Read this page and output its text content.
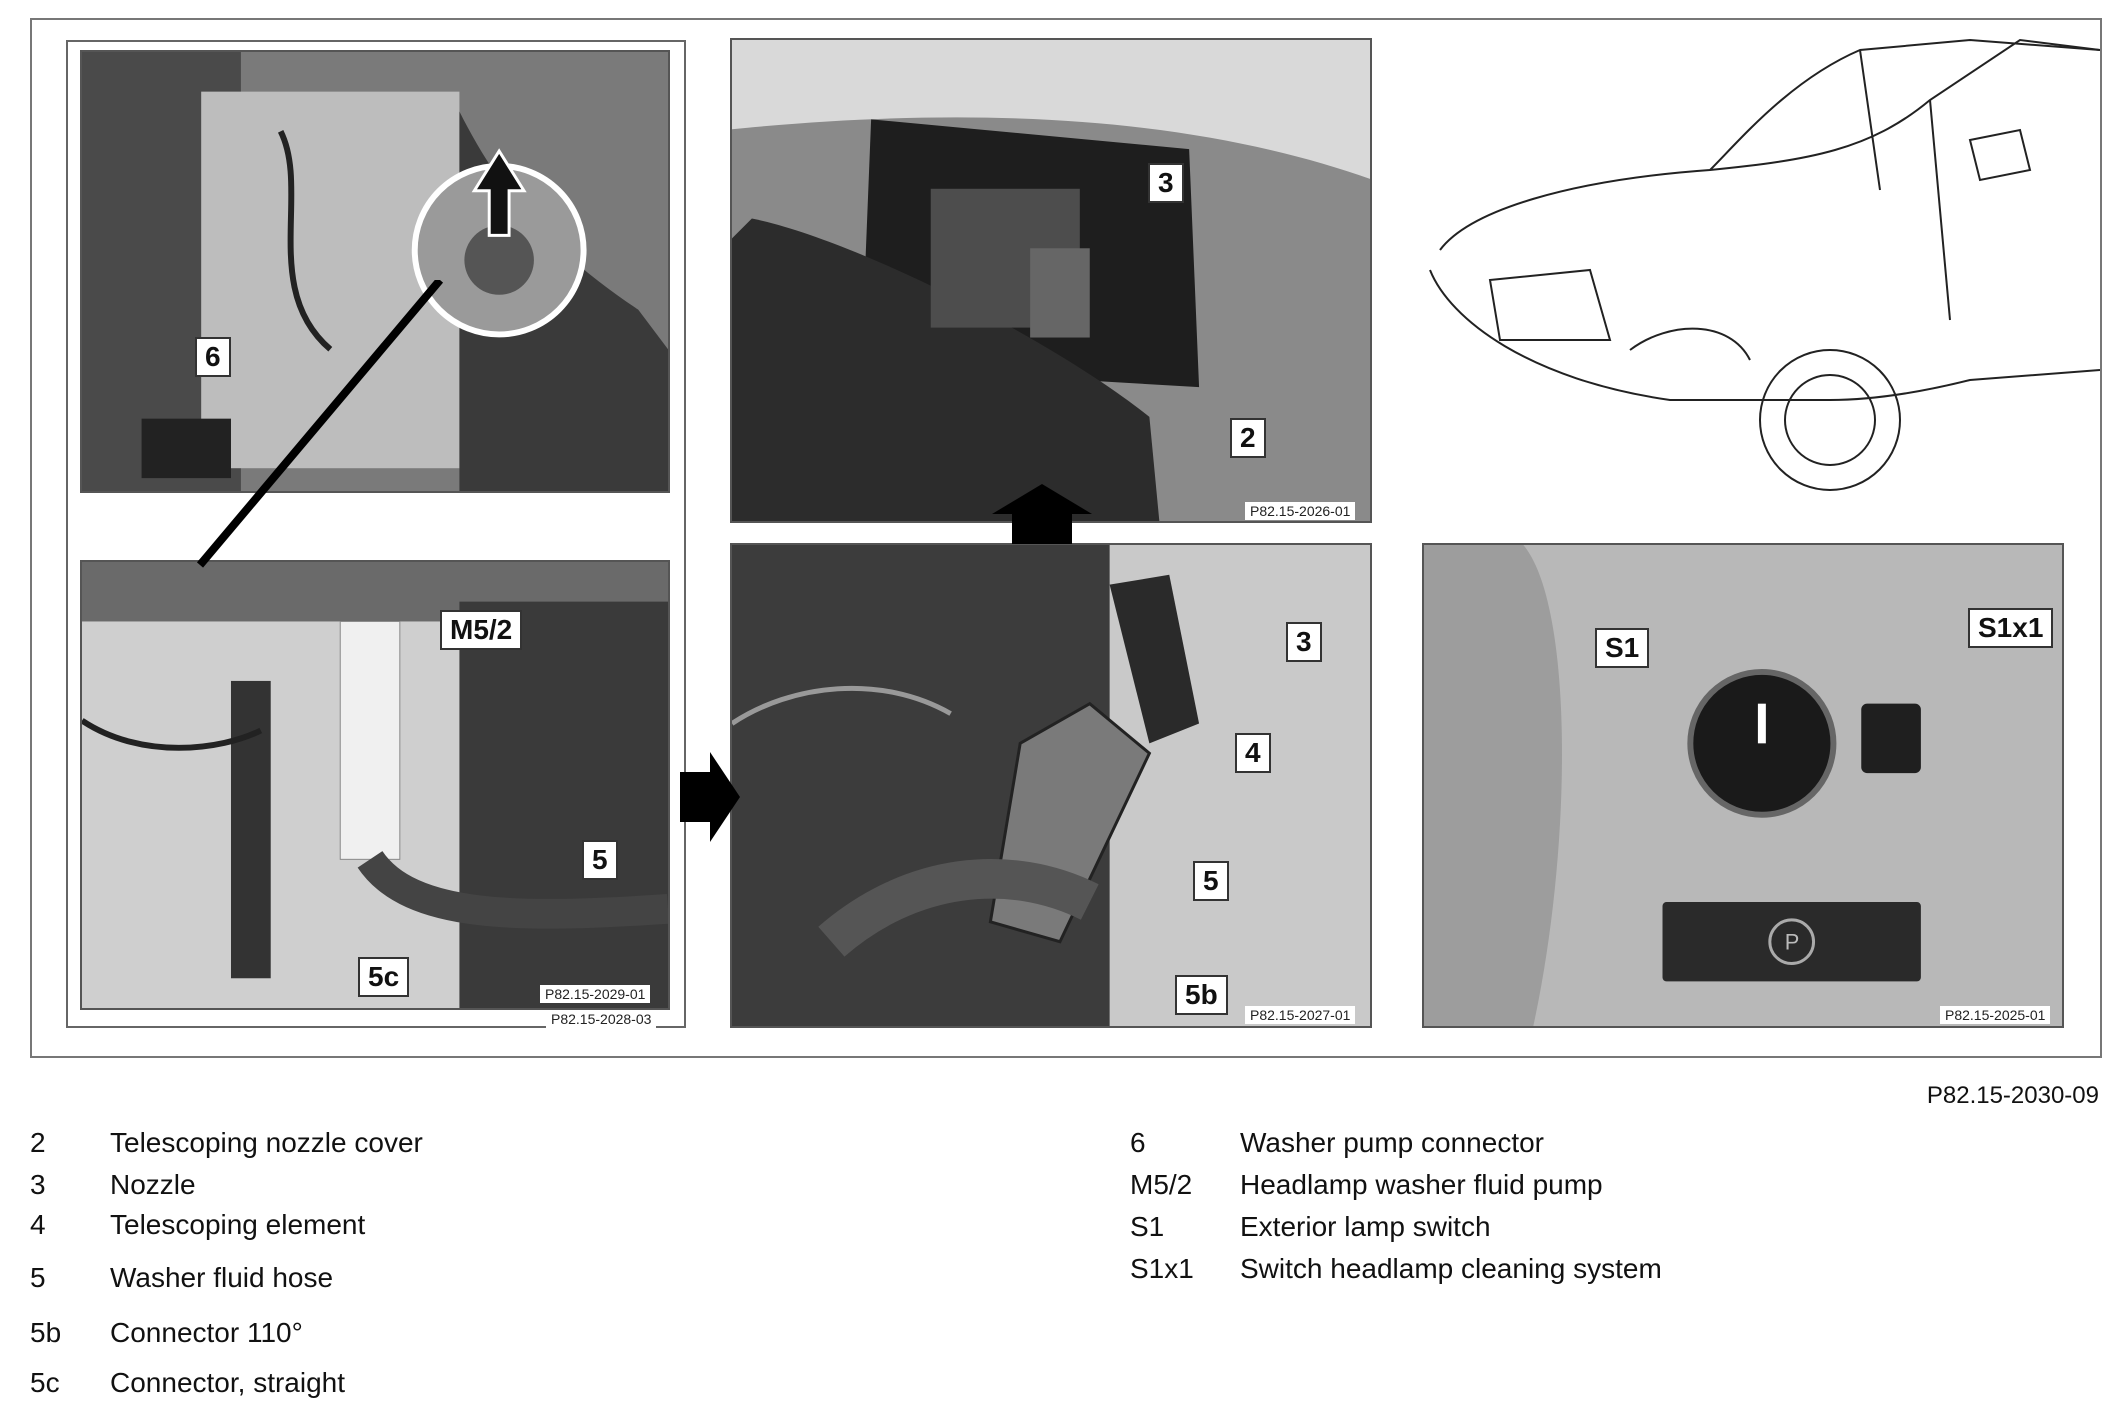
P
6
M5/2
5
5c
3
2
3
4
5
5b
S1
S1x1
P82.15-2029-01
P82.15-2028-03
P82.15-2026-01
P82.15-2027-01	P82.15-2025-01
P82.15-2030-09
2 Telescoping nozzle cover
3 Nozzle
4 Telescoping element
5 Washer fluid hose
5b Connector 110°
5c Connector, straight
6	Washer pump connector
M5/2 Headlamp washer fluid pump
S1	Exterior lamp switch
S1x1 Switch headlamp cleaning system
